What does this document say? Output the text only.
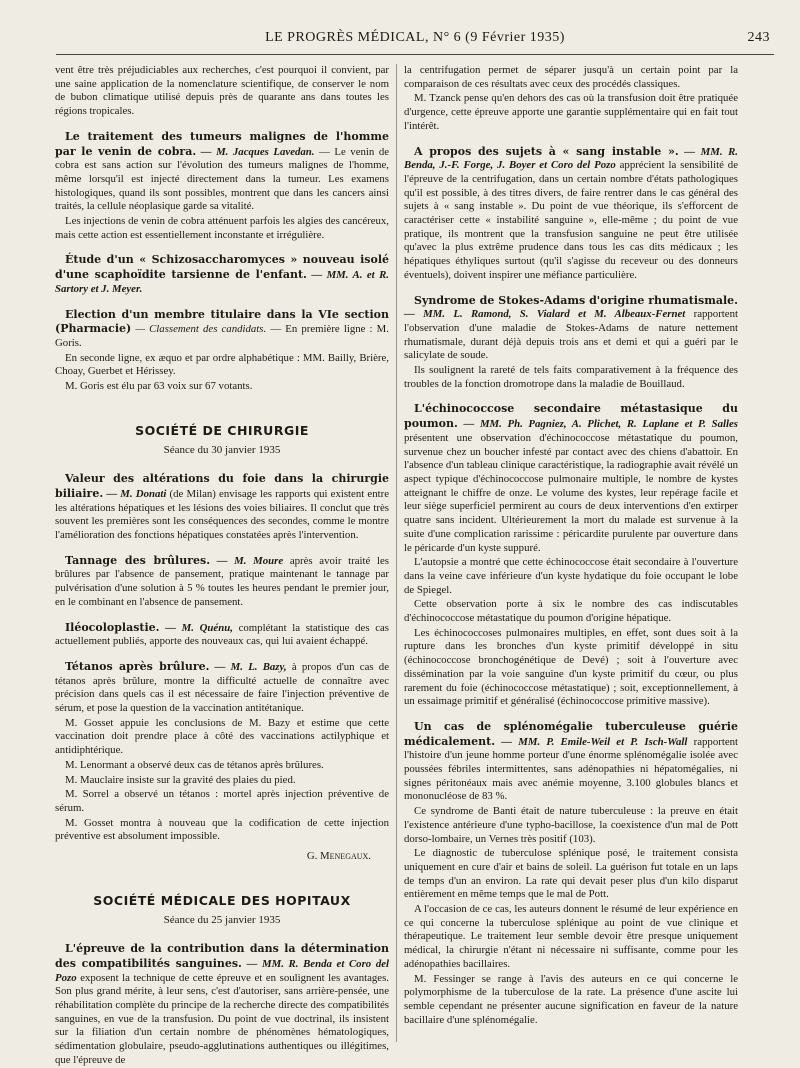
LE PROGRÈS MÉDICAL, N° 6 (9 Février 1935)	243

vent être très préjudiciables aux recherches, c'est pourquoi il convient, par une saine application de la nomenclature scientifique, de conserver le nom de bubon climatique utilisé depuis près de quarante ans dans toutes les régions tropicales.

Le traitement des tumeurs malignes de l'homme par le venin de cobra. — M. Jacques Lavedan. — Le venin de cobra est sans action sur l'évolution des tumeurs malignes de l'homme, même lorsqu'il est injecté directement dans la tumeur. Les examens histologiques, quand ils sont possibles, montrent que dans les cancers ainsi traités, la cellule néoplasique garde sa vitalité.

Les injections de venin de cobra atténuent parfois les algies des cancéreux, mais cette action est essentiellement inconstante et irrégulière.

Étude d'un « Schizosaccharomyces » nouveau isolé d'une scaphoïdite tarsienne de l'enfant. — MM. A. et R. Sartory et J. Meyer.

Election d'un membre titulaire dans la VIe section (Pharmacie) — Classement des candidats. — En première ligne : M. Goris.

En seconde ligne, ex æquo et par ordre alphabétique : MM. Bailly, Brière, Choay, Guerbet et Hérissey.

M. Goris est élu par 63 voix sur 67 votants.

SOCIÉTÉ DE CHIRURGIE
Séance du 30 janvier 1935

Valeur des altérations du foie dans la chirurgie biliaire. — M. Donati (de Milan) envisage les rapports qui existent entre les altérations hépatiques et les lésions des voies biliaires. Il conclut que très souvent les premières sont les conséquences des secondes, comme le montre l'amélioration des fonctions hépatiques constatées après l'intervention.

Tannage des brûlures. — M. Moure après avoir traité les brûlures par l'absence de pansement, pratique maintenant le tannage par pulvérisation d'une solution à 5 % toutes les heures pendant le premier jour, en le combinant en l'absence de pansement.

Iléocoloplastie. — M. Quénu, complétant la statistique des cas actuellement publiés, apporte des nouveaux cas, qui lui avaient échappé.

Tétanos après brûlure. — M. L. Bazy, à propos d'un cas de tétanos après brûlure, montre la difficulté actuelle de connaître avec précision dans quels cas il est nécessaire de faire l'injection préventive de sérum, et pose la question de la vaccination antitétanique.

M. Gosset appuie les conclusions de M. Bazy et estime que cette vaccination doit prendre place à côté des vaccinations actilyphique et antidiphtérique.

M. Lenormant a observé deux cas de tétanos après brûlures.

M. Mauclaire insiste sur la gravité des plaies du pied.

M. Sorrel a observé un tétanos : mortel après injection préventive de sérum.

M. Gosset montra à nouveau que la codification de cette injection préventive est absolument impossible.

G. Menegaux.

SOCIÉTÉ MÉDICALE DES HOPITAUX
Séance du 25 janvier 1935

L'épreuve de la contribution dans la détermination des compatibilités sanguines. — MM. R. Benda et Coro del Pozo exposent la technique de cette épreuve et en soulignent les avantages. Son plus grand mérite, à leur sens, c'est d'autoriser, sans arrière-pensée, une réhabilitation complète du principe de la recherche directe des compatibilités sanguines, en vue de la transfusion. Du point de vue doctrinal, ils insistent sur la filiation d'un certain nombre de phénomènes hématologiques, sédimentation globulaire, pseudo-agglutinations authentiques ou illégitimes, que l'épreuve de

la centrifugation permet de séparer jusqu'à un certain point par la comparaison de ces résultats avec ceux des procédés classiques.

M. Tzanck pense qu'en dehors des cas où la transfusion doit être pratiquée d'urgence, cette épreuve apporte une garantie supplémentaire qui en fait tout l'intérêt.

A propos des sujets à « sang instable ». — MM. R. Benda, J.-F. Forge, J. Boyer et Coro del Pozo apprécient la sensibilité de l'épreuve de la centrifugation, dans un certain nombre d'états pathologiques qu'il est possible, à des titres divers, de faire rentrer dans le cas général des sujets à « sang instable ». Du point de vue théorique, ils s'efforcent de caractériser cette « instabilité sanguine », elle-même ; du point de vue pratique, ils montrent que la transfusion sanguine ne peut être utilisée qu'avec la plus extrême prudence dans tous les cas dits médicaux ; les hépatiques éthyliques surtout (qu'il s'agisse du receveur ou des donneurs éventuels), doivent inspirer une méfiance particulière.

Syndrome de Stokes-Adams d'origine rhumatismale. — MM. L. Ramond, S. Vialard et M. Albeaux-Fernet rapportent l'observation d'une maladie de Stokes-Adams de nature nettement rhumatismale, durant déjà depuis trois ans et demi et qui a guéri par le salicylate de soude.

Ils soulignent la rareté de tels faits comparativement à la fréquence des troubles de la fonction dromotrope dans la maladie de Bouillaud.

L'échinococcose secondaire métastasique du poumon. — MM. Ph. Pagniez, A. Plichet, R. Laplane et P. Salles présentent une observation d'échinococcose métastatique du poumon, survenue chez un boucher infesté par contact avec des chiens d'abattoir. En l'absence d'un tableau clinique caractéristique, la radiographie avait révélé un aspect typique d'échinococcose pulmonaire multiple, le nombre de kystes atteignant le chiffre de onze. Le volume des kystes, leur repérage facile et leur siège superficiel permirent au cours de deux interventions d'en extirper quatre sans incident. Ultérieurement la mort du malade est survenue à la suite d'une complication rarissime : péricardite purulente par ouverture dans le péricarde d'un kyste suppuré.

L'autopsie a montré que cette échinococcose était secondaire à l'ouverture dans la veine cave inférieure d'un kyste hydatique du foie occupant le lobe de Spiegel.

Cette observation porte à six le nombre des cas indiscutables d'échinococcose métastatique du poumon d'origine hépatique.

Les échinococcoses pulmonaires multiples, en effet, sont dues soit à la rupture dans les bronches d'un kyste primitif développé in situ (échinococcose bronchogénétique de Devé) ; soit à l'ouverture avec dissémination par la voie sanguine d'un kyste primitif du cœur, ou plus rarement du foie (échinococcose métastatique) ; soit, exceptionnellement, à un essaimage primitif et généralisé (échinococcose primitive massive).

Un cas de splénomégalie tuberculeuse guérie médicalement. — MM. P. Emile-Weil et P. Isch-Wall rapportent l'histoire d'un jeune homme porteur d'une énorme splénomégalie isolée avec poussées fébriles intermittentes, sans adénopathies ni hépatomégalies, ni signes péritonéaux mais avec anémie moyenne, 3.100 globules blancs et mononucléose de 83 %.

Ce syndrome de Banti était de nature tuberculeuse : la preuve en était l'existence antérieure d'une typho-bacillose, la coexistence d'un mal de Pott dorso-lombaire, un Vernes très positif (103).

Le diagnostic de tuberculose splénique posé, le traitement consista uniquement en cure d'air et bains de soleil. La guérison fut totale en un laps de temps d'un an environ. La rate qui devait peser plus d'un kilo disparut entièrement en même temps que le mal de Pott.

A l'occasion de ce cas, les auteurs donnent le résumé de leur expérience en ce qui concerne la tuberculose splénique au point de vue clinique et thérapeutique. Le traitement leur semble devoir être presque uniquement médical, la chirurgie n'étant ni nécessaire ni suffisante, comme pour les adénopathies bacillaires.

M. Fessinger se range à l'avis des auteurs en ce qui concerne le polymorphisme de la tuberculose de la rate. La présence d'une ascite lui semble cependant ne présenter aucune signification en faveur de la nature bacillaire d'une splénomégalie.
